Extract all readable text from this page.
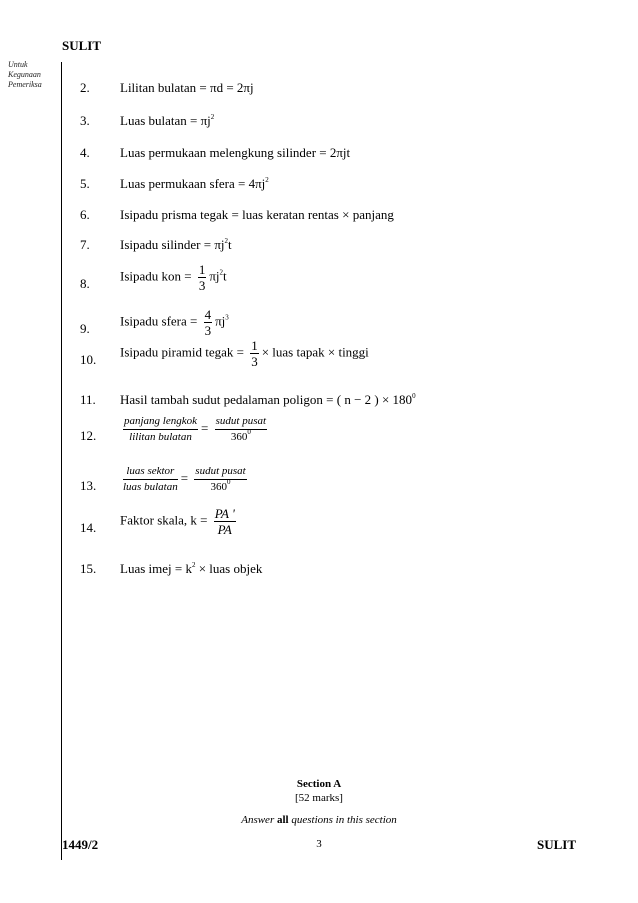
SULIT
Untuk
Kegunaan
Pemeriksa	2. Lilitan bulatan = πd = 2πj
3. Luas bulatan = $\pi j^2$
4. Luas permukaan melengkung silinder = 2πjt
5. Luas permukaan sfera = $4\pi j^2$
6. Isipadu prisma tegak = luas keratan rentas × panjang
7. Isipadu silinder = $\pi j^2t$
8.
Isipadu kon = $\frac{1}{3} \pi j^2t$
9.
Isipadu sfera = $\frac{4}{3} \pi j^3$
10.
Isipadu piramid tegak = $\frac{1}{3}$ × luas tapak × tinggi
11. Hasil tambah sudut pedalaman poligon = ( n − 2 ) × $180^0$
12. $\frac{\text{panjang lengkok}}{\text{lilitan bulatan}} = \frac{\text{sudut pusat}}{360^0}$
13. $\frac{\text{luas sektor}}{\text{luas bulatan}} = \frac{\text{sudut pusat}}{360^0}$
14.
Faktor skala, $k = \frac{PA '}{PA}$
15. Luas imej = $k^2$ × luas objek
Section A
[52 marks]
Answer all questions in this section
1449/2	3	SULIT
